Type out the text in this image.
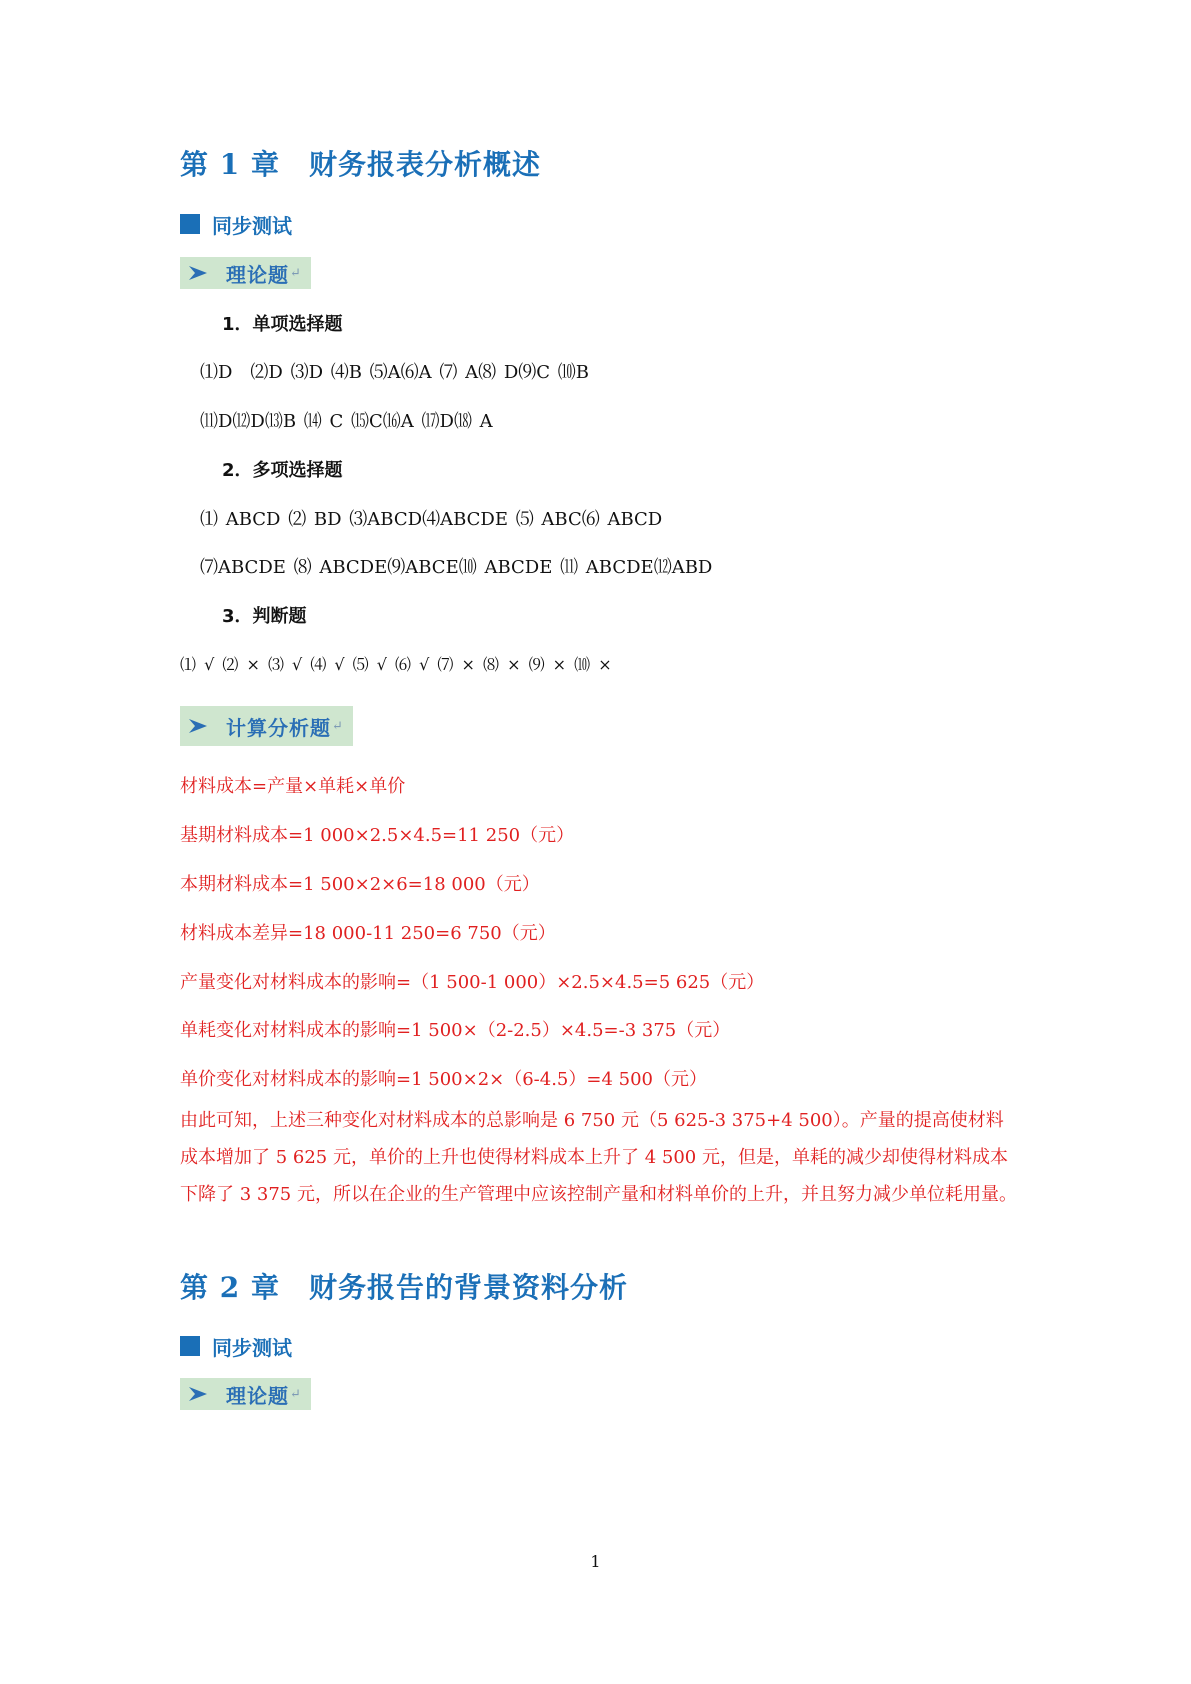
第 1 章　财务报表分析概述
同步测试
理论题 ↵
1．单项选择题
⑴D　⑵D ⑶D ⑷B ⑸A⑹A ⑺ A⑻ D⑼C ⑽B
⑾D⑿D⒀B ⒁ C ⒂C⒃A ⒄D⒅ A
2．多项选择题
⑴ ABCD ⑵ BD ⑶ABCD⑷ABCDE ⑸ ABC⑹ ABCD
⑺ABCDE ⑻ ABCDE⑼ABCE⑽ ABCDE ⑾ ABCDE⑿ABD
3．判断题
⑴ √ ⑵ × ⑶ √ ⑷ √ ⑸ √ ⑹ √ ⑺ × ⑻ × ⑼ × ⑽ ×
计算分析题 ↵
材料成本=产量×单耗×单价
基期材料成本=1 000×2.5×4.5=11 250（元）
本期材料成本=1 500×2×6=18 000（元）
材料成本差异=18 000-11 250=6 750（元）
产量变化对材料成本的影响=（1 500-1 000）×2.5×4.5=5 625（元）
单耗变化对材料成本的影响=1 500×（2-2.5）×4.5=-3 375（元）
单价变化对材料成本的影响=1 500×2×（6-4.5）=4 500（元）
由此可知，上述三种变化对材料成本的总影响是 6 750 元（5 625-3 375+4 500）。产量的提高使材料成本增加了 5 625 元，单价的上升也使得材料成本上升了 4 500 元，但是，单耗的减少却使得材料成本下降了 3 375 元，所以在企业的生产管理中应该控制产量和材料单价的上升，并且努力减少单位耗用量。
第 2 章　财务报告的背景资料分析
同步测试
理论题 ↵
1
